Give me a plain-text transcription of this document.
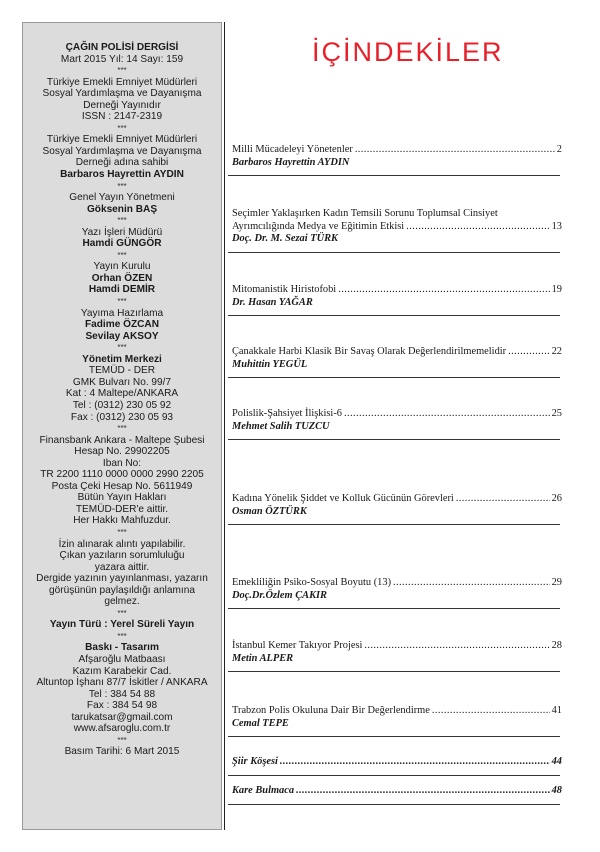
ÇAĞIN POLİSİ DERGİSİ
Mart 2015 Yıl: 14 Sayı: 159
***
Türkiye Emekli Emniyet Müdürleri
Sosyal Yardımlaşma ve Dayanışma
Derneği Yayınıdır
ISSN : 2147-2319
***
Türkiye Emekli Emniyet Müdürleri
Sosyal Yardımlaşma ve Dayanışma
Derneği adına sahibi
Barbaros Hayrettin AYDIN
***
Genel Yayın Yönetmeni
Göksenin BAŞ
***
Yazı İşleri Müdürü
Hamdi GÜNGÖR
***
Yayın Kurulu
Orhan ÖZEN
Hamdi DEMİR
***
Yayıma Hazırlama
Fadime ÖZCAN
Sevilay AKSOY
***
Yönetim Merkezi
TEMÜD - DER
GMK Bulvarı No. 99/7
Kat : 4 Maltepe/ANKARA
Tel : (0312) 230 05 92
Fax : (0312) 230 05 93
***
Finansbank Ankara - Maltepe Şubesi
Hesap No. 29902205
Iban No:
TR 2200 1110 0000 0000 2990 2205
Posta Çeki Hesap No. 5611949
Bütün Yayın Hakları
TEMÜD-DER'e aittir.
Her Hakkı Mahfuzdur.
***
İzin alınarak alıntı yapılabilir.
Çıkan yazıların sorumluluğu
yazara aittir.
Dergide yazının yayınlanması, yazarın
görüşünün paylaşıldığı anlamına
gelmez.
***
Yayın Türü : Yerel Süreli Yayın
***
Baskı - Tasarım
Afşaroğlu Matbaası
Kazım Karabekir Cad.
Altuntop İşhanı 87/7 İskitler / ANKARA
Tel : 384 54 88
Fax : 384 54 98
tarukatsar@gmail.com
www.afsaroglu.com.tr
***
Basım Tarihi: 6 Mart 2015
İÇİNDEKİLER
Milli Mücadeleyi Yönetenler .....	2
Barbaros Hayrettin AYDIN
Seçimler Yaklaşırken Kadın Temsili Sorunu Toplumsal Cinsiyet
Ayrımcılığında Medya ve Eğitimin Etkisi .....	13
Doç. Dr. M. Sezai TÜRK
Mitomanistik Hiristofobi .....	19
Dr. Hasan YAĞAR
Çanakkale Harbi Klasik Bir Savaş Olarak Değerlendirilmemelidir .....	22
Muhittin YEGÜL
Polislik-Şahsiyet İlişkisi-6 .....	25
Mehmet Salih TUZCU
Kadına Yönelik Şiddet ve Kolluk Gücünün Görevleri .....	26
Osman ÖZTÜRK
Emekliliğin Psiko-Sosyal Boyutu (13) .....	29
Doç.Dr.Özlem ÇAKIR
İstanbul Kemer Takıyor Projesi .....	28
Metin ALPER
Trabzon Polis Okuluna Dair Bir Değerlendirme .....	41
Cemal TEPE
Şiir Köşesi .....	44
Kare Bulmaca .....	48
